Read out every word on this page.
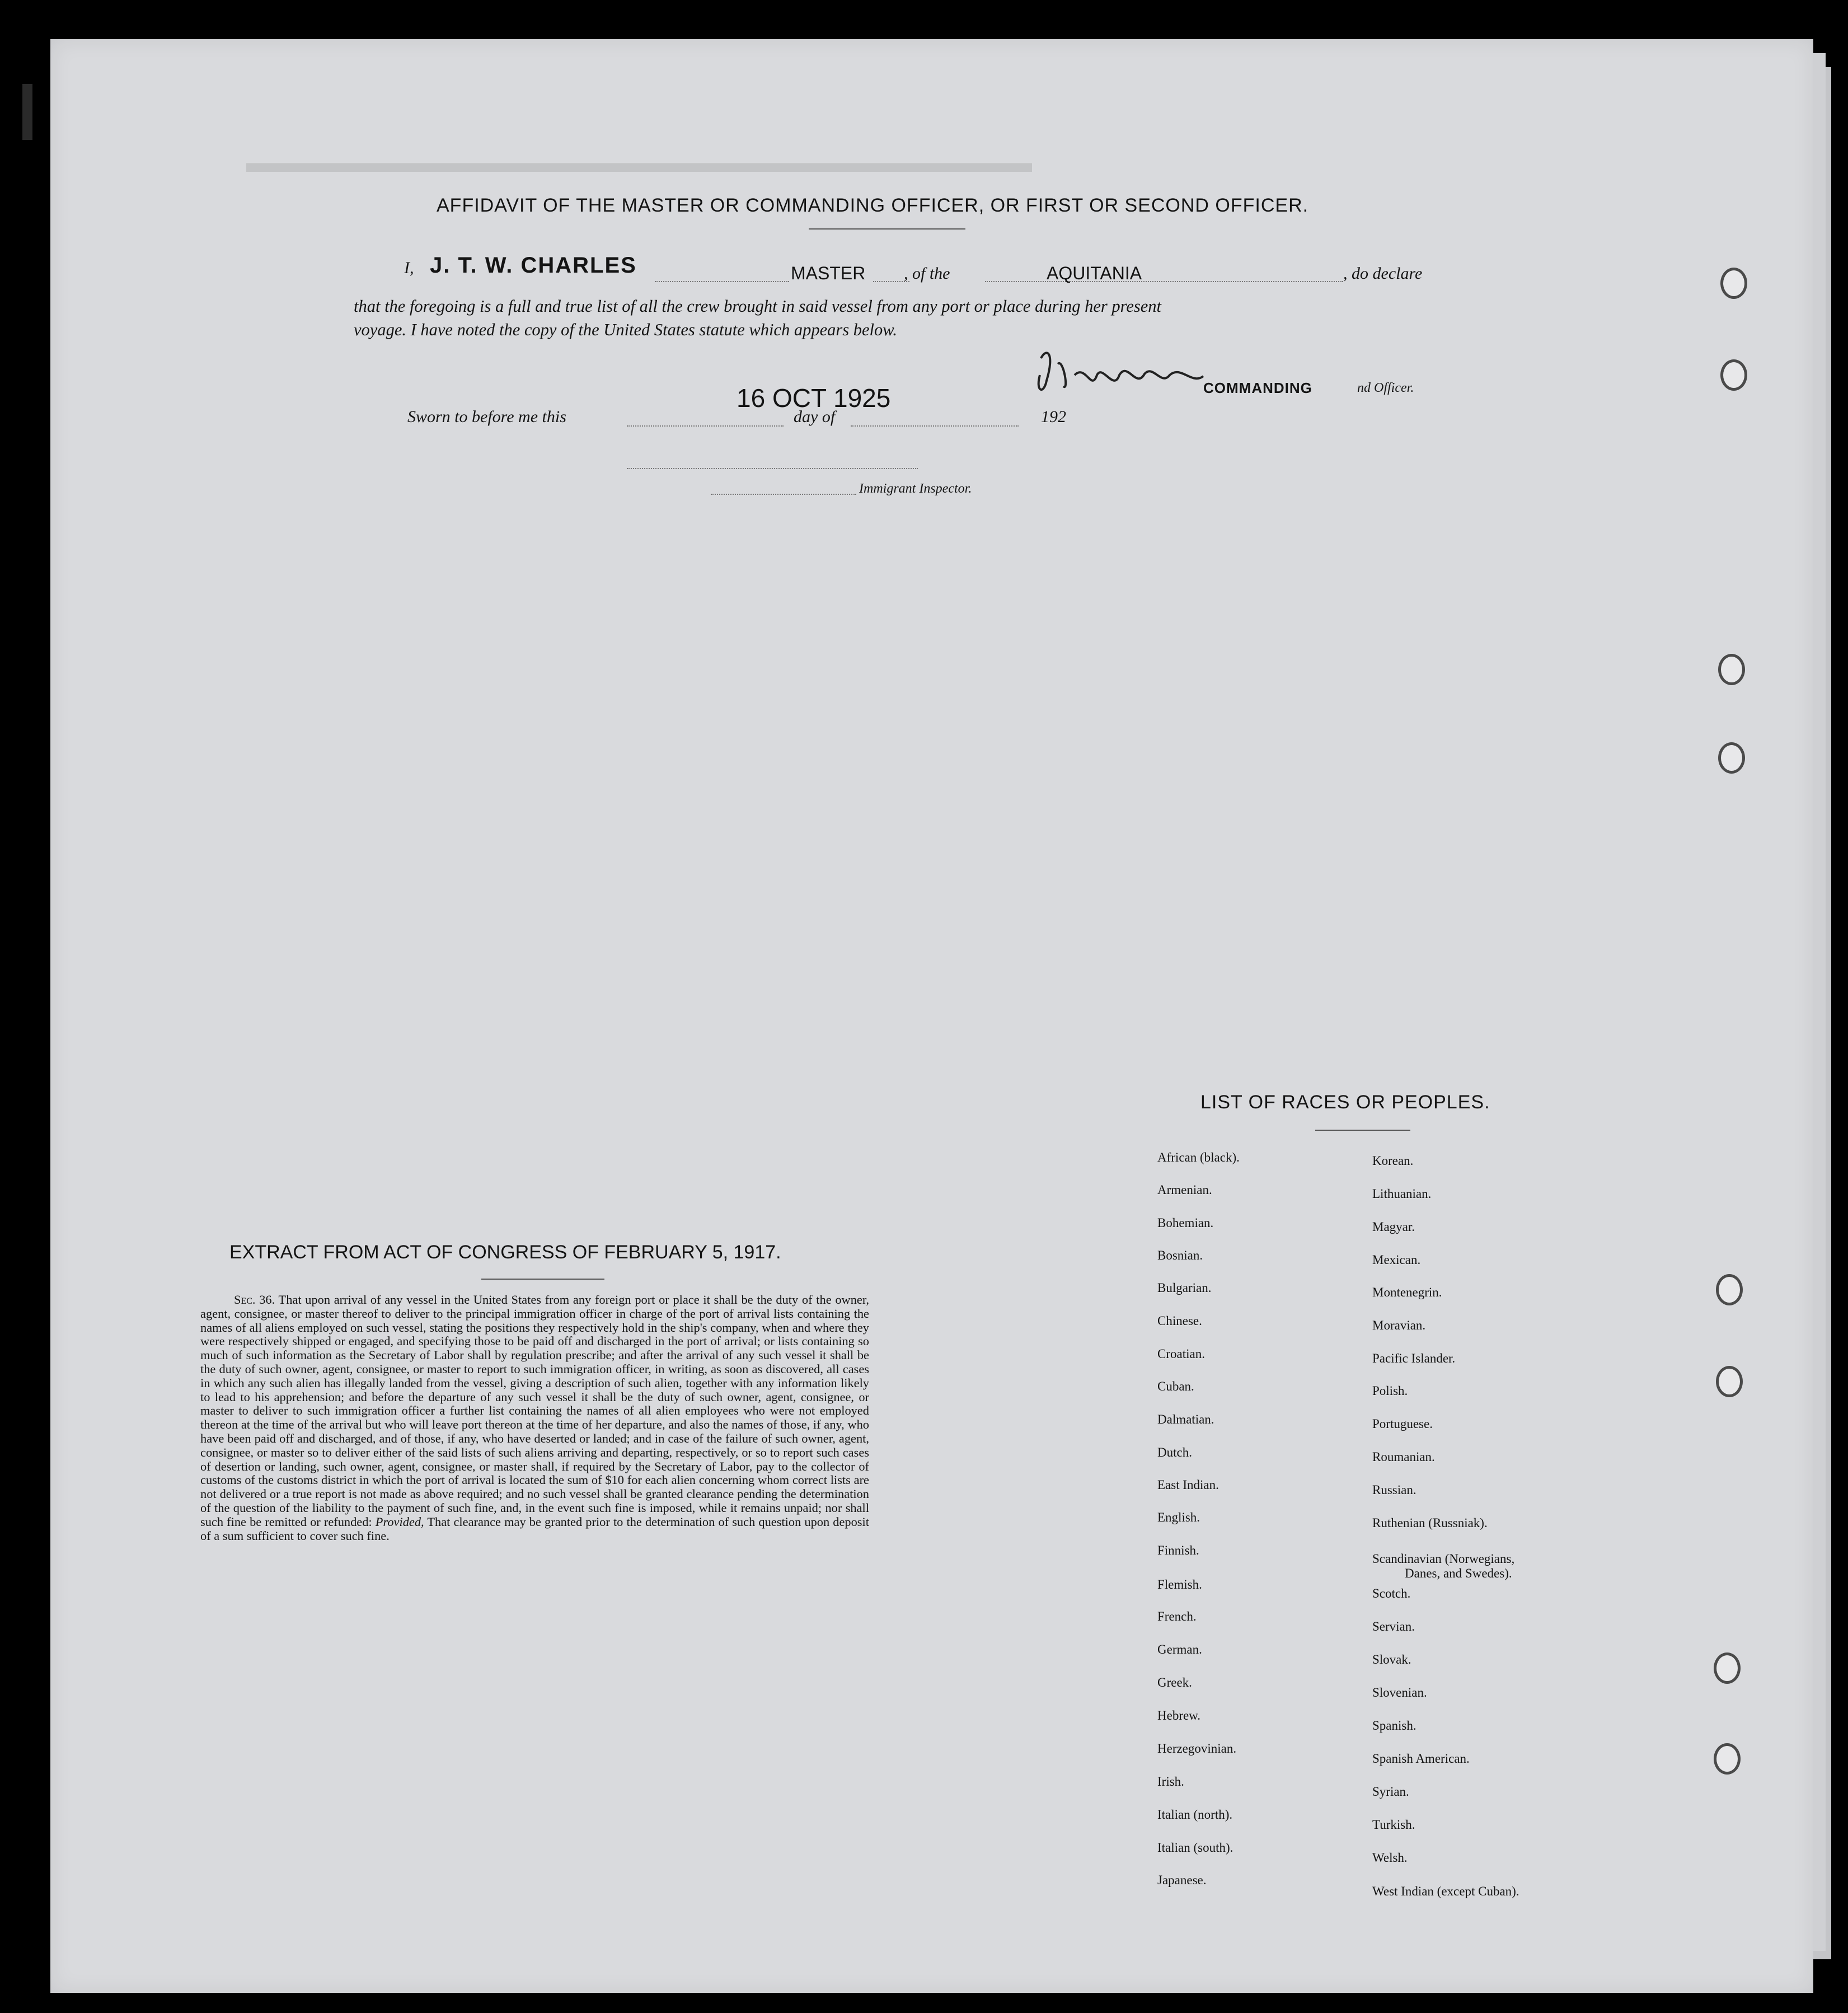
▬▬▬▬▬▬▬▬▬▬▬▬▬▬▬▬▬▬▬▬▬▬▬▬▬▬▬
AFFIDAVIT OF THE MASTER OR COMMANDING OFFICER, OR FIRST OR SECOND OFFICER.
I, J. T. W. CHARLES	MASTER , of the	AQUITANIA	, do declare
that the foregoing is a full and true list of all the crew brought in said vessel from any port or place during her present
voyage. I have noted the copy of the United States statute which appears below.
COMMANDING	nd Officer.
Sworn to before me this
16 OCT 1925
day of	192
Immigrant Inspector.
EXTRACT FROM ACT OF CONGRESS OF FEBRUARY 5, 1917.
Sec. 36. That upon arrival of any vessel in the United States from any foreign port or place it shall be the duty of the owner, agent, consignee, or master thereof to deliver to the principal immigration officer in charge of the port of arrival lists containing the names of all aliens employed on such vessel, stating the positions they respectively hold in the ship's company, when and where they were respectively shipped or engaged, and specifying those to be paid off and discharged in the port of arrival; or lists containing so much of such information as the Secretary of Labor shall by regulation prescribe; and after the arrival of any such vessel it shall be the duty of such owner, agent, consignee, or master to report to such immigration officer, in writing, as soon as discovered, all cases in which any such alien has illegally landed from the vessel, giving a description of such alien, together with any information likely to lead to his apprehension; and before the departure of any such vessel it shall be the duty of such owner, agent, consignee, or master to deliver to such immigration officer a further list containing the names of all alien employees who were not employed thereon at the time of the arrival but who will leave port thereon at the time of her departure, and also the names of those, if any, who have been paid off and discharged, and of those, if any, who have deserted or landed; and in case of the failure of such owner, agent, consignee, or master so to deliver either of the said lists of such aliens arriving and departing, respectively, or so to report such cases of desertion or landing, such owner, agent, consignee, or master shall, if required by the Secretary of Labor, pay to the collector of customs of the customs district in which the port of arrival is located the sum of $10 for each alien concerning whom correct lists are not delivered or a true report is not made as above required; and no such vessel shall be granted clearance pending the determination of the question of the liability to the payment of such fine, and, in the event such fine is imposed, while it remains unpaid; nor shall such fine be remitted or refunded: Provided, That clearance may be granted prior to the determination of such question upon deposit of a sum sufficient to cover such fine.
LIST OF RACES OR PEOPLES.
African (black).
Armenian.
Bohemian.
Bosnian.
Bulgarian.
Chinese.
Croatian.
Cuban.
Dalmatian.
Dutch.
East Indian.
English.
Finnish.
Flemish.
French.
German.
Greek.
Hebrew.
Herzegovinian.
Irish.
Italian (north).
Italian (south).
Japanese.
Korean.
Lithuanian.
Magyar.
Mexican.
Montenegrin.
Moravian.
Pacific Islander.
Polish.
Portuguese.
Roumanian.
Russian.
Ruthenian (Russniak).
Scandinavian (Norwegians,
Danes, and Swedes).
Scotch.
Servian.
Slovak.
Slovenian.
Spanish.
Spanish American.
Syrian.
Turkish.
Welsh.
West Indian (except Cuban).
